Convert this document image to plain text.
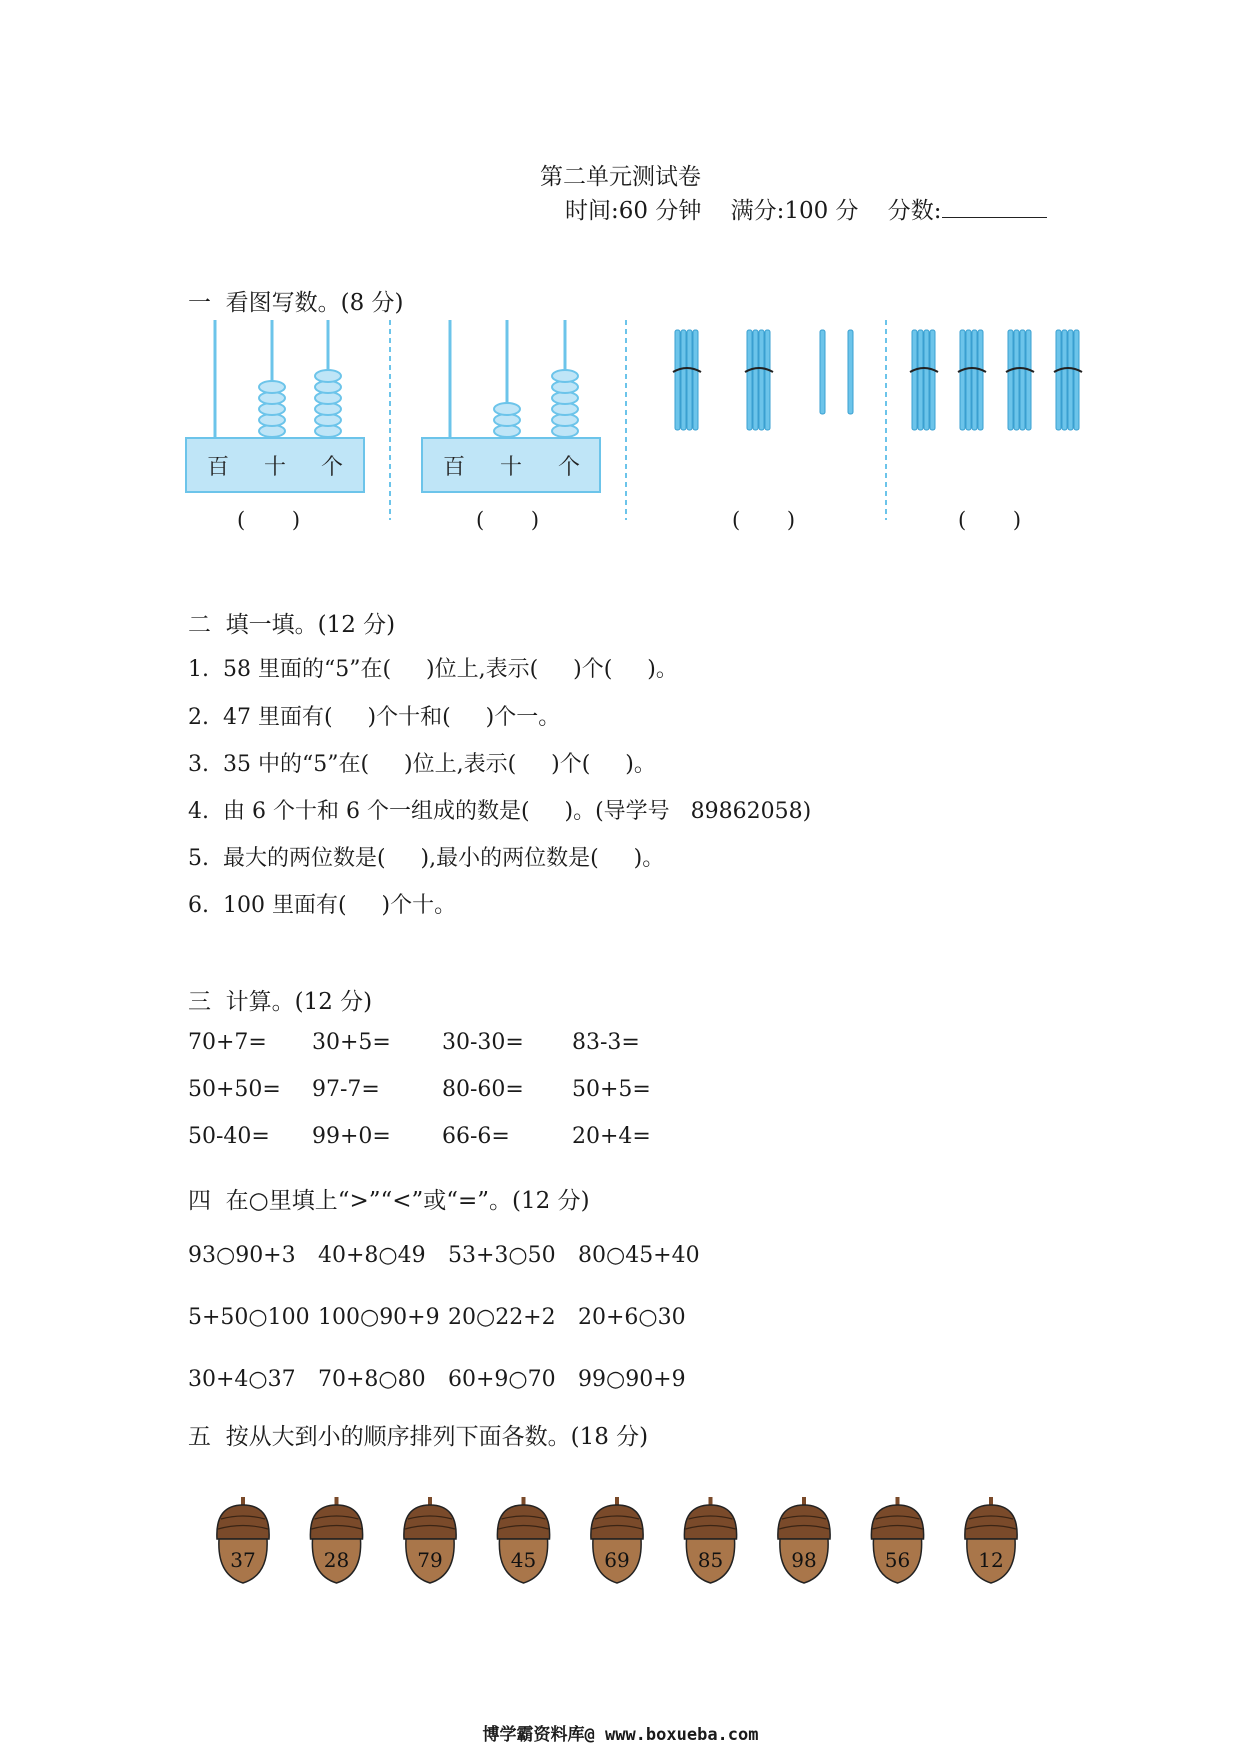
第二单元测试卷
时间:60 分钟 满分:100 分 分数:
一  看图写数。(8 分)
百 十 个	百 十 个
(       )	(       )	(       )	(       )
二  填一填。(12 分)
1.  58 里面的“5”在(     )位上,表示(     )个(     )。
2.  47 里面有(     )个十和(     )个一。
3.  35 中的“5”在(     )位上,表示(     )个(     )。
4.  由 6 个十和 6 个一组成的数是(     )。(导学号   89862058)
5.  最大的两位数是(     ),最小的两位数是(     )。
6.  100 里面有(     )个十。
三  计算。(12 分)
70+7= 30+5= 30-30= 83-3=
50+50= 97-7=	80-60= 50+5=
50-40= 99+0= 66-6=	20+4=
四  在○里填上“>”“<”或“=”。(12 分)
93○90+3 40+8○49 53+3○50 80○45+40
5+50○100 100○90+9 20○22+2 20+6○30
30+4○37 70+8○80 60+9○70 99○90+9
五  按从大到小的顺序排列下面各数。(18 分)
37	28	79	45	69	85	98	56	12
博学霸资料库@ www.boxueba.com
